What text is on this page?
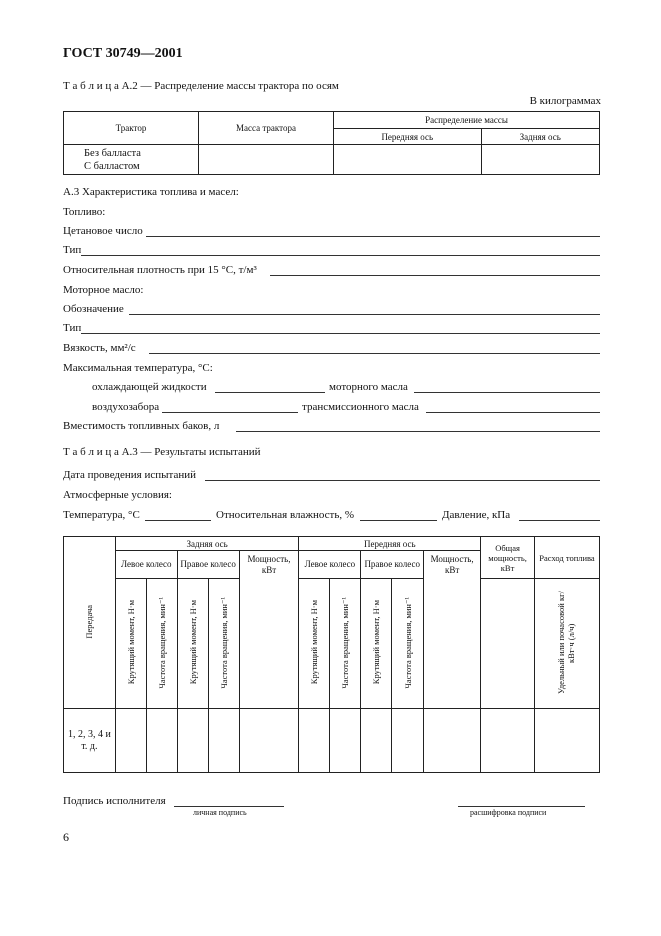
ГОСТ 30749—2001
Т а б л и ц а А.2 — Распределение массы трактора по осям
В килограммах
Трактор	Масса трактора	Распределение массы	
		Передняя ось	Задняя ось

Без балласта
С балластом			

А.3 Характеристика топлива и масел:
Топливо:
Цетановое число
Тип
Относительная плотность при 15 °С, т/м³
Моторное масло:
Обозначение
Тип
Вязкость, мм²/с
Максимальная температура, °С:
охлаждающей жидкости	моторного масла
воздухозабора	трансмиссионного масла
Вместимость топливных баков, л
Т а б л и ц а А.3 — Результаты испытаний
Дата проведения испытаний
Атмосферные условия:
Температура, °С	Относительная влажность, %	Давление, кПа
Передача	Задняя ось					Передняя ось					Общая мощность, кВт	Расход топлива
	Левое колесо		Правое колесо		Мощность, кВт	Левое колесо		Правое колесо		Мощность, кВт		
	Крутящий момент, Н·м	Частота вращения, мин⁻¹	Крутящий момент, Н·м	Частота вращения, мин⁻¹		Крутящий момент, Н·м	Частота вращения, мин⁻¹	Крутящий момент, Н·м	Частота вращения, мин⁻¹			Удельный или почасовой кг/кВт·ч (л/ч)
1, 2, 3, 4 и т. д.												
Подпись исполнителя
личная подпись	расшифровка подписи
6
